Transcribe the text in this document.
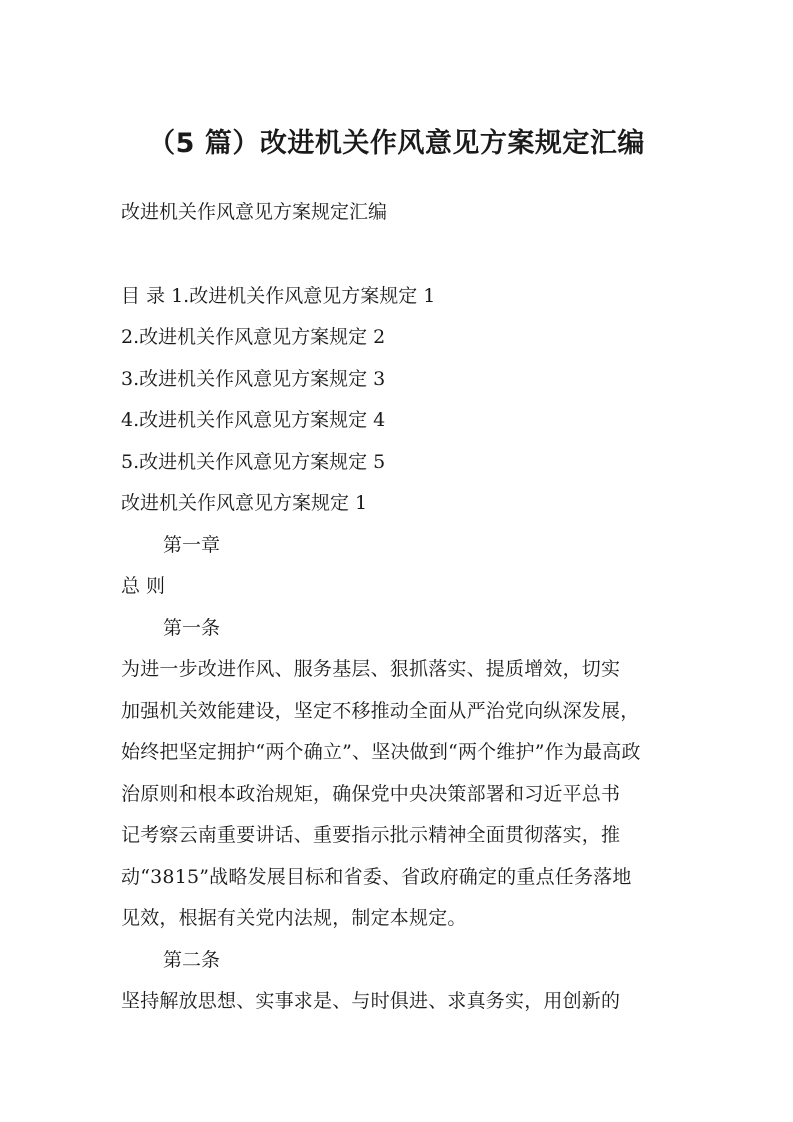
（5 篇）改进机关作风意见方案规定汇编

改进机关作风意见方案规定汇编

目 录 1.改进机关作风意见方案规定 1

2.改进机关作风意见方案规定 2

3.改进机关作风意见方案规定 3

4.改进机关作风意见方案规定 4

5.改进机关作风意见方案规定 5

改进机关作风意见方案规定 1

第一章

总 则

第一条

为进一步改进作风、服务基层、狠抓落实、提质增效，切实

加强机关效能建设，坚定不移推动全面从严治党向纵深发展，

始终把坚定拥护“两个确立”、坚决做到“两个维护”作为最高政

治原则和根本政治规矩，确保党中央决策部署和习近平总书

记考察云南重要讲话、重要指示批示精神全面贯彻落实，推

动“3815”战略发展目标和省委、省政府确定的重点任务落地

见效，根据有关党内法规，制定本规定。

第二条

坚持解放思想、实事求是、与时俱进、求真务实，用创新的
